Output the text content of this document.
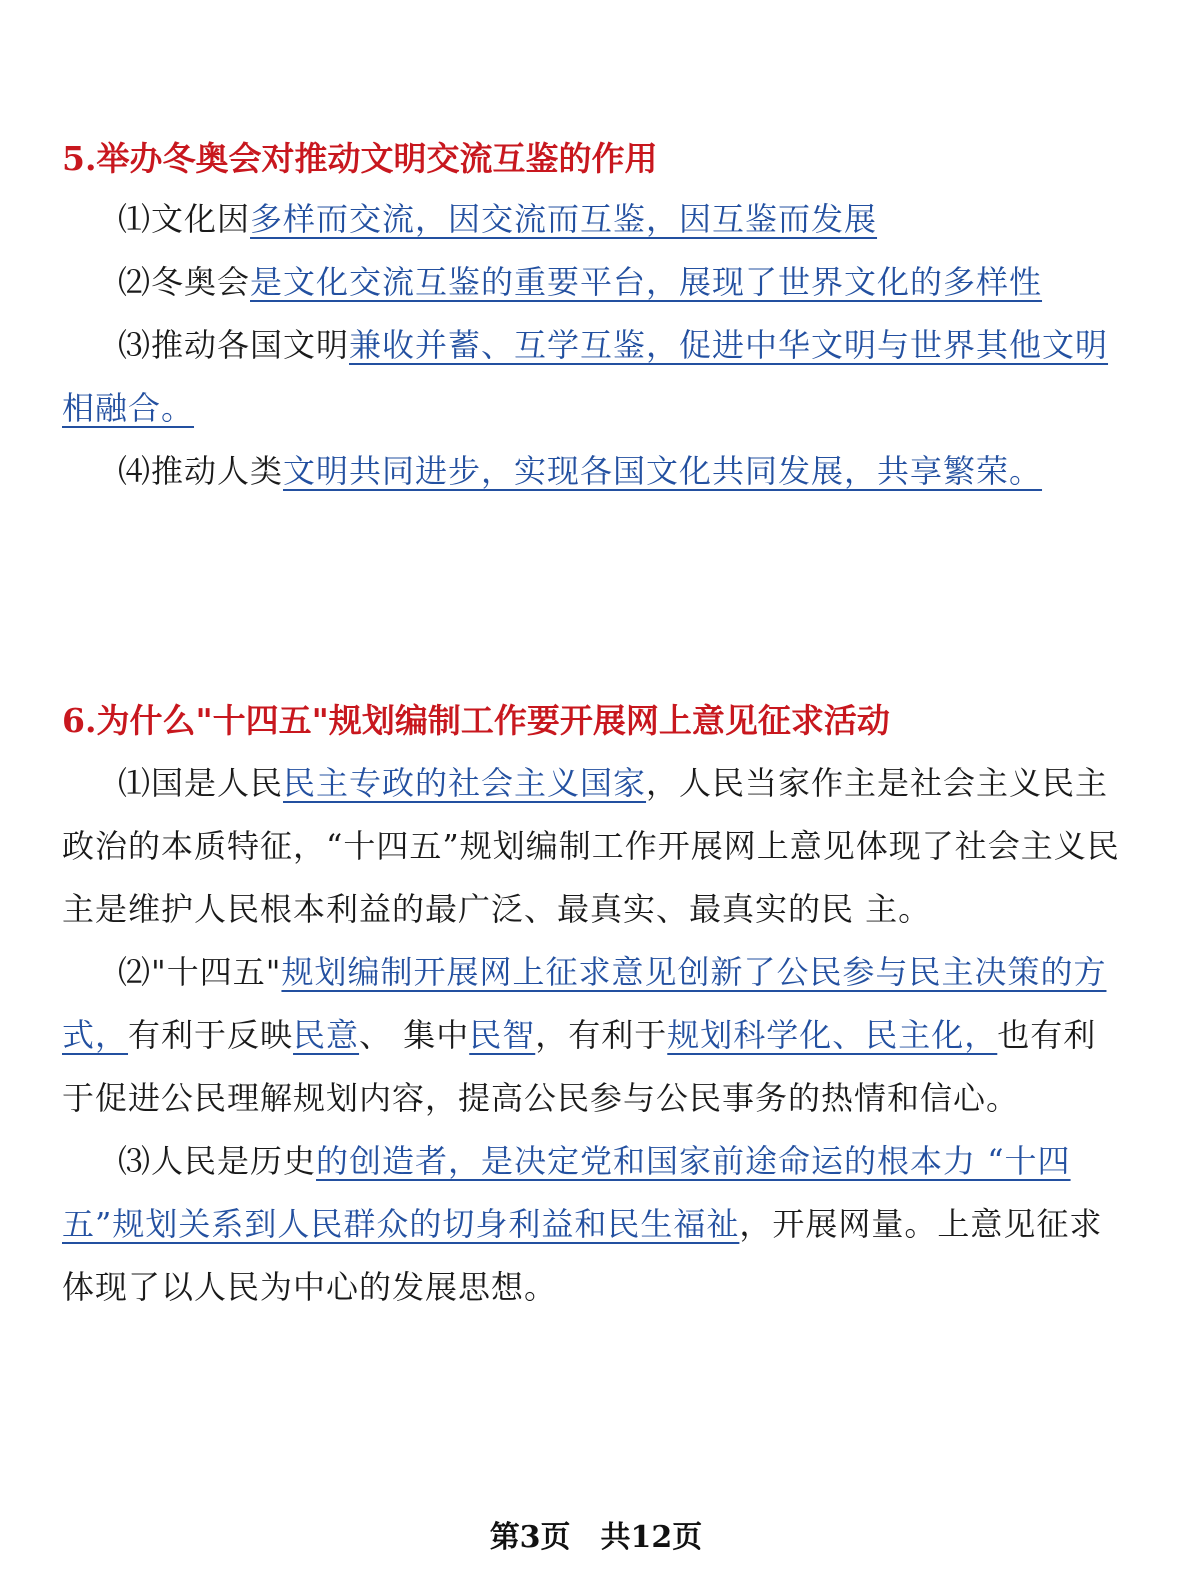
5.举办冬奥会对推动文明交流互鉴的作用

⑴文化因多样而交流，因交流而互鉴，因互鉴而发展

⑵冬奥会是文化交流互鉴的重要平台，展现了世界文化的多样性

⑶推动各国文明兼收并蓄、互学互鉴，促进中华文明与世界其他文明相融合。

⑷推动人类文明共同进步，实现各国文化共同发展，共享繁荣。

6.为什么"十四五"规划编制工作要开展网上意见征求活动

⑴国是人民民主专政的社会主义国家，人民当家作主是社会主义民主政治的本质特征，“十四五”规划编制工作开展网上意见体现了社会主义民主是维护人民根本利益的最广泛、最真实、最真实的民 主。

⑵"十四五"规划编制开展网上征求意见创新了公民参与民主决策的方式，有利于反映民意、 集中民智，有利于规划科学化、民主化，也有利于促进公民理解规划内容，提高公民参与公民事务的热情和信心。

⑶人民是历史的创造者，是决定党和国家前途命运的根本力 “十四五”规划关系到人民群众的切身利益和民生福祉，开展网量。上意见征求体现了以人民为中心的发展思想。

第3页　共12页
